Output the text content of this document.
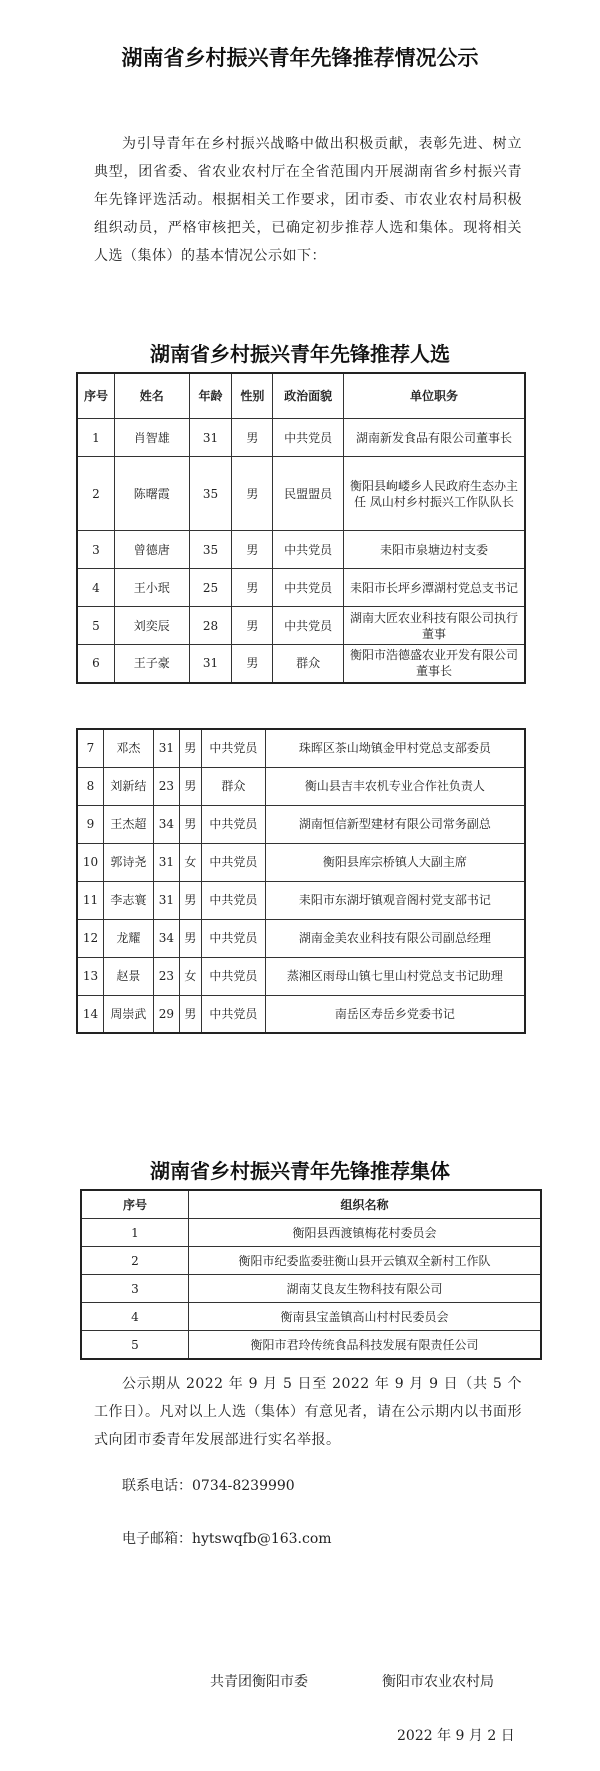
湖南省乡村振兴青年先锋推荐情况公示
为引导青年在乡村振兴战略中做出积极贡献，表彰先进、树立典型，团省委、省农业农村厅在全省范围内开展湖南省乡村振兴青年先锋评选活动。根据相关工作要求，团市委、市农业农村局积极组织动员，严格审核把关，已确定初步推荐人选和集体。现将相关人选（集体）的基本情况公示如下：
湖南省乡村振兴青年先锋推荐人选
序号	姓名	年龄	性别	政治面貌	单位职务
1	肖智雄	31	男	中共党员	湖南新发食品有限公司董事长
2	陈曙霞	35	男	民盟盟员	衡阳县岣嵝乡人民政府生态办主任 凤山村乡村振兴工作队队长
3	曾德唐	35	男	中共党员	耒阳市泉塘边村支委
4	王小珉	25	男	中共党员	耒阳市长坪乡潭湖村党总支书记
5	刘奕辰	28	男	中共党员	湖南大匠农业科技有限公司执行董事
6	王子豪	31	男	群众	衡阳市浩德盛农业开发有限公司董事长
7	邓杰	31	男	中共党员	珠晖区茶山坳镇金甲村党总支部委员
8	刘新结	23	男	群众	衡山县吉丰农机专业合作社负责人
9	王杰超	34	男	中共党员	湖南恒信新型建材有限公司常务副总
10	郭诗尧	31	女	中共党员	衡阳县库宗桥镇人大副主席
11	李志寰	31	男	中共党员	耒阳市东湖圩镇观音阁村党支部书记
12	龙耀	34	男	中共党员	湖南金美农业科技有限公司副总经理
13	赵景	23	女	中共党员	蒸湘区雨母山镇七里山村党总支书记助理
14	周崇武	29	男	中共党员	南岳区寿岳乡党委书记
湖南省乡村振兴青年先锋推荐集体
序号	组织名称
1	衡阳县西渡镇梅花村委员会
2	衡阳市纪委监委驻衡山县开云镇双全新村工作队
3	湖南艾良友生物科技有限公司
4	衡南县宝盖镇高山村村民委员会
5	衡阳市君玲传统食品科技发展有限责任公司
公示期从 2022 年 9 月 5 日至 2022 年 9 月 9 日（共 5 个工作日）。凡对以上人选（集体）有意见者，请在公示期内以书面形式向团市委青年发展部进行实名举报。
联系电话：0734-8239990
电子邮箱：hytswqfb@163.com
共青团衡阳市委	衡阳市农业农村局
2022 年 9 月 2 日
